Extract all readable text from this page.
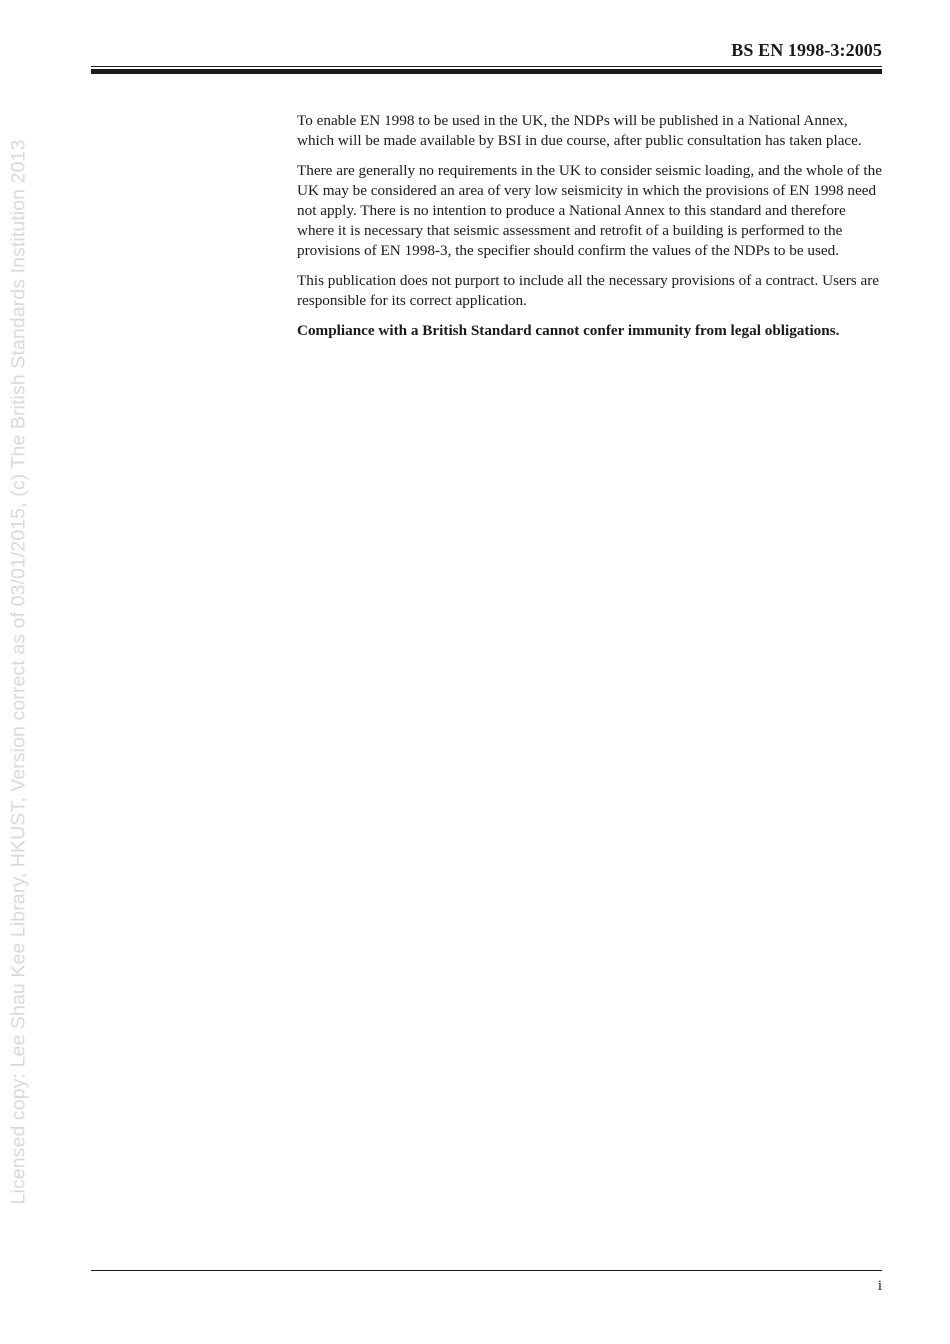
BS EN 1998-3:2005
Licensed copy: Lee Shau Kee Library, HKUST, Version correct as of 03/01/2015, (c) The British Standards Institution 2013

To enable EN 1998 to be used in the UK, the NDPs will be published in a National Annex, which will be made available by BSI in due course, after public consultation has taken place.

There are generally no requirements in the UK to consider seismic loading, and the whole of the UK may be considered an area of very low seismicity in which the provisions of EN 1998 need not apply. There is no intention to produce a National Annex to this standard and therefore where it is necessary that seismic assessment and retrofit of a building is performed to the provisions of EN 1998-3, the specifier should confirm the values of the NDPs to be used.

This publication does not purport to include all the necessary provisions of a contract. Users are responsible for its correct application.

Compliance with a British Standard cannot confer immunity from legal obligations.

i
